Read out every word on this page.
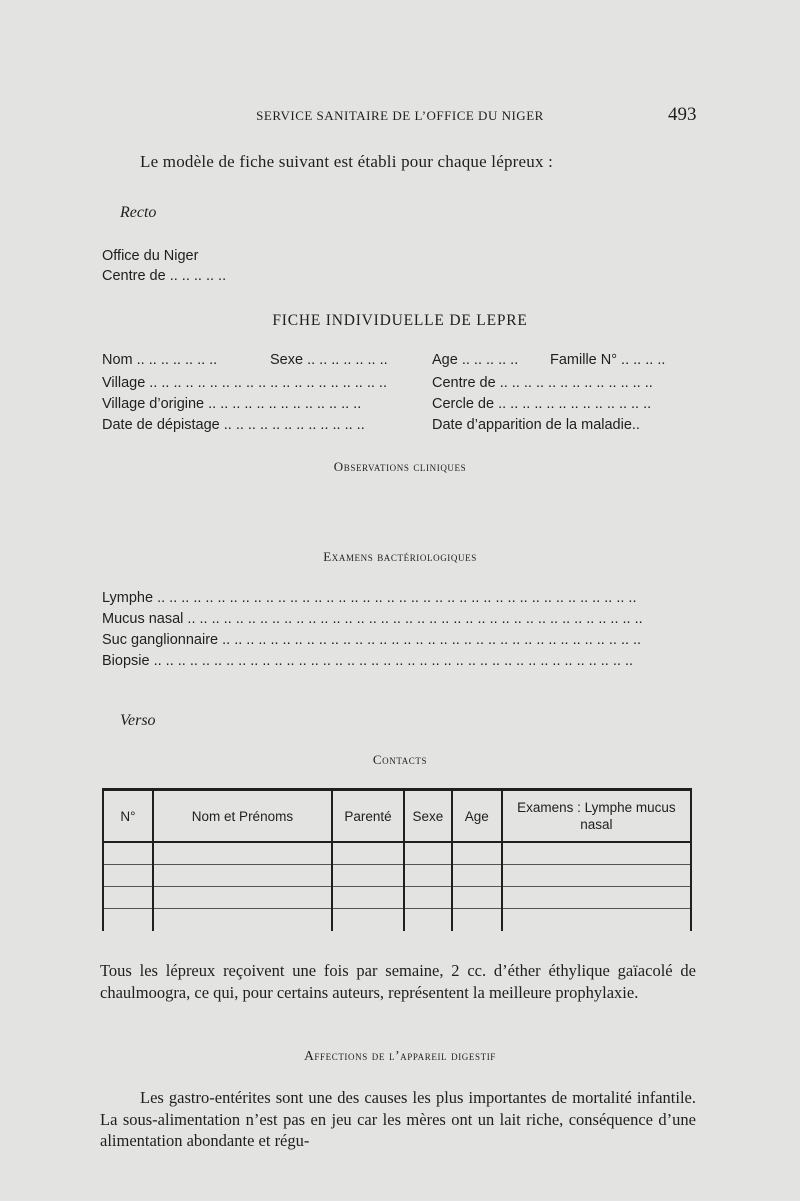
SERVICE SANITAIRE DE L’OFFICE DU NIGER	493
Le modèle de fiche suivant est établi pour chaque lépreux :
Recto
Office du Niger
Centre de .. .. .. .. ..
FICHE INDIVIDUELLE DE LEPRE
Nom .. .. .. .. .. .. ..	Sexe .. .. .. .. .. .. ..	Age .. .. .. .. ..	Famille N° .. .. .. ..
Village .. .. .. .. .. .. .. .. .. .. .. .. .. .. .. .. .. .. .. ..	Centre de .. .. .. .. .. .. .. .. .. .. .. .. ..
Village d’origine .. .. .. .. .. .. .. .. .. .. .. .. ..	Cercle de .. .. .. .. .. .. .. .. .. .. .. .. ..
Date de dépistage .. .. .. .. .. .. .. .. .. .. .. ..	Date d’apparition de la maladie..
Observations cliniques
Examens bactériologiques
Lymphe .. .. .. .. .. .. .. .. .. .. .. .. .. .. .. .. .. .. .. .. .. .. .. .. .. .. .. .. .. .. .. .. .. .. .. .. .. .. .. ..
Mucus nasal .. .. .. .. .. .. .. .. .. .. .. .. .. .. .. .. .. .. .. .. .. .. .. .. .. .. .. .. .. .. .. .. .. .. .. .. .. ..
Suc ganglionnaire .. .. .. .. .. .. .. .. .. .. .. .. .. .. .. .. .. .. .. .. .. .. .. .. .. .. .. .. .. .. .. .. .. .. ..
Biopsie .. .. .. .. .. .. .. .. .. .. .. .. .. .. .. .. .. .. .. .. .. .. .. .. .. .. .. .. .. .. .. .. .. .. .. .. .. .. .. ..
Verso
Contacts
N°	Nom et Prénoms	Parenté	Sexe	Age	Examens : Lymphe mucus nasal

Tous les lépreux reçoivent une fois par semaine, 2 cc. d’éther éthylique gaïacolé de chaulmoogra, ce qui, pour certains auteurs, représentent la meilleure prophylaxie.
Affections de l’appareil digestif
Les gastro-entérites sont une des causes les plus importantes de mortalité infantile. La sous-alimentation n’est pas en jeu car les mères ont un lait riche, conséquence d’une alimentation abondante et régu-
